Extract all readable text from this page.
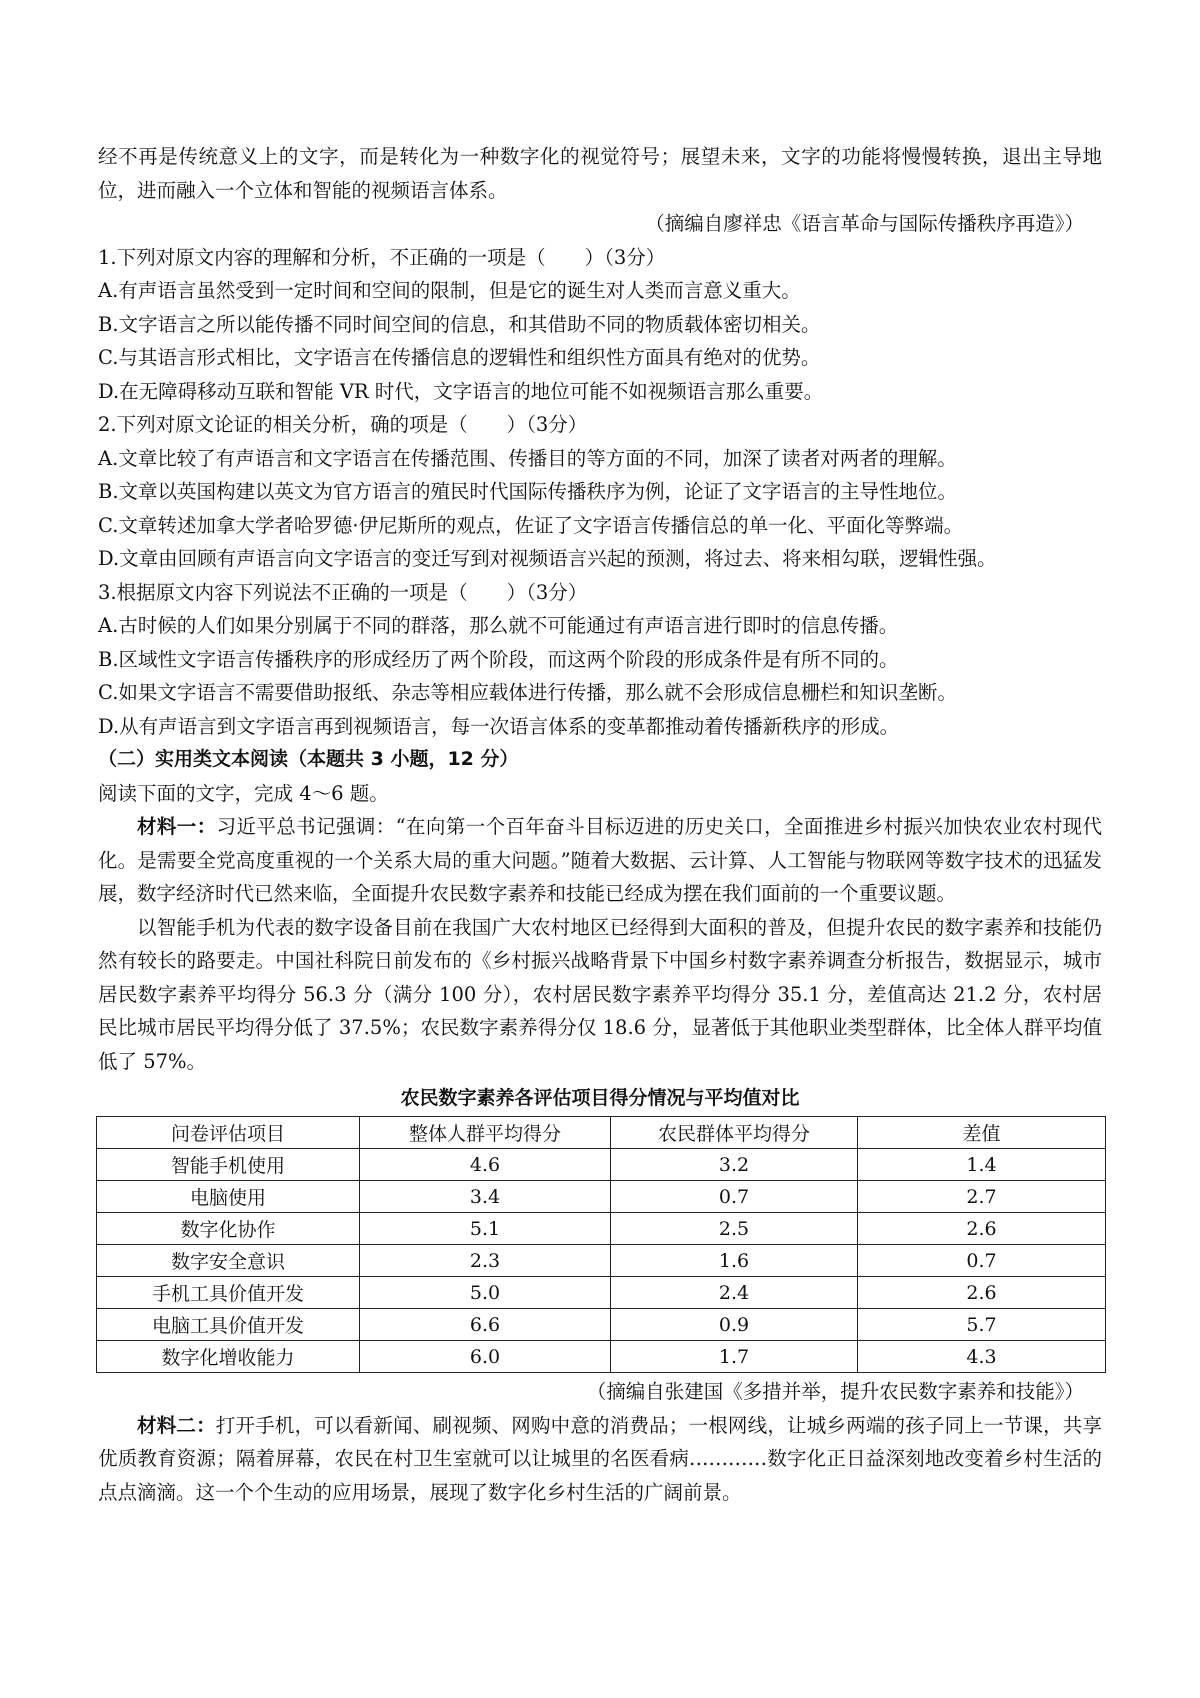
经不再是传统意义上的文字，而是转化为一种数字化的视觉符号；展望未来，文字的功能将慢慢转换，退出主导地位，进而融入一个立体和智能的视频语言体系。

（摘编自廖祥忠《语言革命与国际传播秩序再造》）

1.下列对原文内容的理解和分析，不正确的一项是（　　）（3分）

A.有声语言虽然受到一定时间和空间的限制，但是它的诞生对人类而言意义重大。

B.文字语言之所以能传播不同时间空间的信息，和其借助不同的物质载体密切相关。

C.与其语言形式相比，文字语言在传播信息的逻辑性和组织性方面具有绝对的优势。

D.在无障碍移动互联和智能 VR 时代，文字语言的地位可能不如视频语言那么重要。

2.下列对原文论证的相关分析，确的项是（　　）（3分）

A.文章比较了有声语言和文字语言在传播范围、传播目的等方面的不同，加深了读者对两者的理解。

B.文章以英国构建以英文为官方语言的殖民时代国际传播秩序为例，论证了文字语言的主导性地位。

C.文章转述加拿大学者哈罗德·伊尼斯所的观点，佐证了文字语言传播信总的单一化、平面化等弊端。

D.文章由回顾有声语言向文字语言的变迁写到对视频语言兴起的预测，将过去、将来相勾联，逻辑性强。

3.根据原文内容下列说法不正确的一项是（　　）（3分）

A.古时候的人们如果分别属于不同的群落，那么就不可能通过有声语言进行即时的信息传播。

B.区域性文字语言传播秩序的形成经历了两个阶段，而这两个阶段的形成条件是有所不同的。

C.如果文字语言不需要借助报纸、杂志等相应载体进行传播，那么就不会形成信息栅栏和知识垄断。

D.从有声语言到文字语言再到视频语言，每一次语言体系的变革都推动着传播新秩序的形成。

（二）实用类文本阅读（本题共 3 小题，12 分）

阅读下面的文字，完成 4～6 题。

材料一：习近平总书记强调：“在向第一个百年奋斗目标迈进的历史关口，全面推进乡村振兴加快农业农村现代化。是需要全党高度重视的一个关系大局的重大问题。”随着大数据、云计算、人工智能与物联网等数字技术的迅猛发展，数字经济时代已然来临，全面提升农民数字素养和技能已经成为摆在我们面前的一个重要议题。

以智能手机为代表的数字设备目前在我国广大农村地区已经得到大面积的普及，但提升农民的数字素养和技能仍然有较长的路要走。中国社科院日前发布的《乡村振兴战略背景下中国乡村数字素养调查分析报告，数据显示，城市居民数字素养平均得分 56.3 分（满分 100 分），农村居民数字素养平均得分 35.1 分，差值高达 21.2 分，农村居民比城市居民平均得分低了 37.5%；农民数字素养得分仅 18.6 分，显著低于其他职业类型群体，比全体人群平均值低了 57%。

农民数字素养各评估项目得分情况与平均值对比

问卷评估项目	整体人群平均得分	农民群体平均得分	差值
智能手机使用	4.6	3.2	1.4
电脑使用	3.4	0.7	2.7
数字化协作	5.1	2.5	2.6
数字安全意识	2.3	1.6	0.7
手机工具价值开发	5.0	2.4	2.6
电脑工具价值开发	6.6	0.9	5.7
数字化增收能力	6.0	1.7	4.3

（摘编自张建国《多措并举，提升农民数字素养和技能》）

材料二：打开手机，可以看新闻、刷视频、网购中意的消费品；一根网线，让城乡两端的孩子同上一节课，共享优质教育资源；隔着屏幕，农民在村卫生室就可以让城里的名医看病…………数字化正日益深刻地改变着乡村生活的点点滴滴。这一个个生动的应用场景，展现了数字化乡村生活的广阔前景。
